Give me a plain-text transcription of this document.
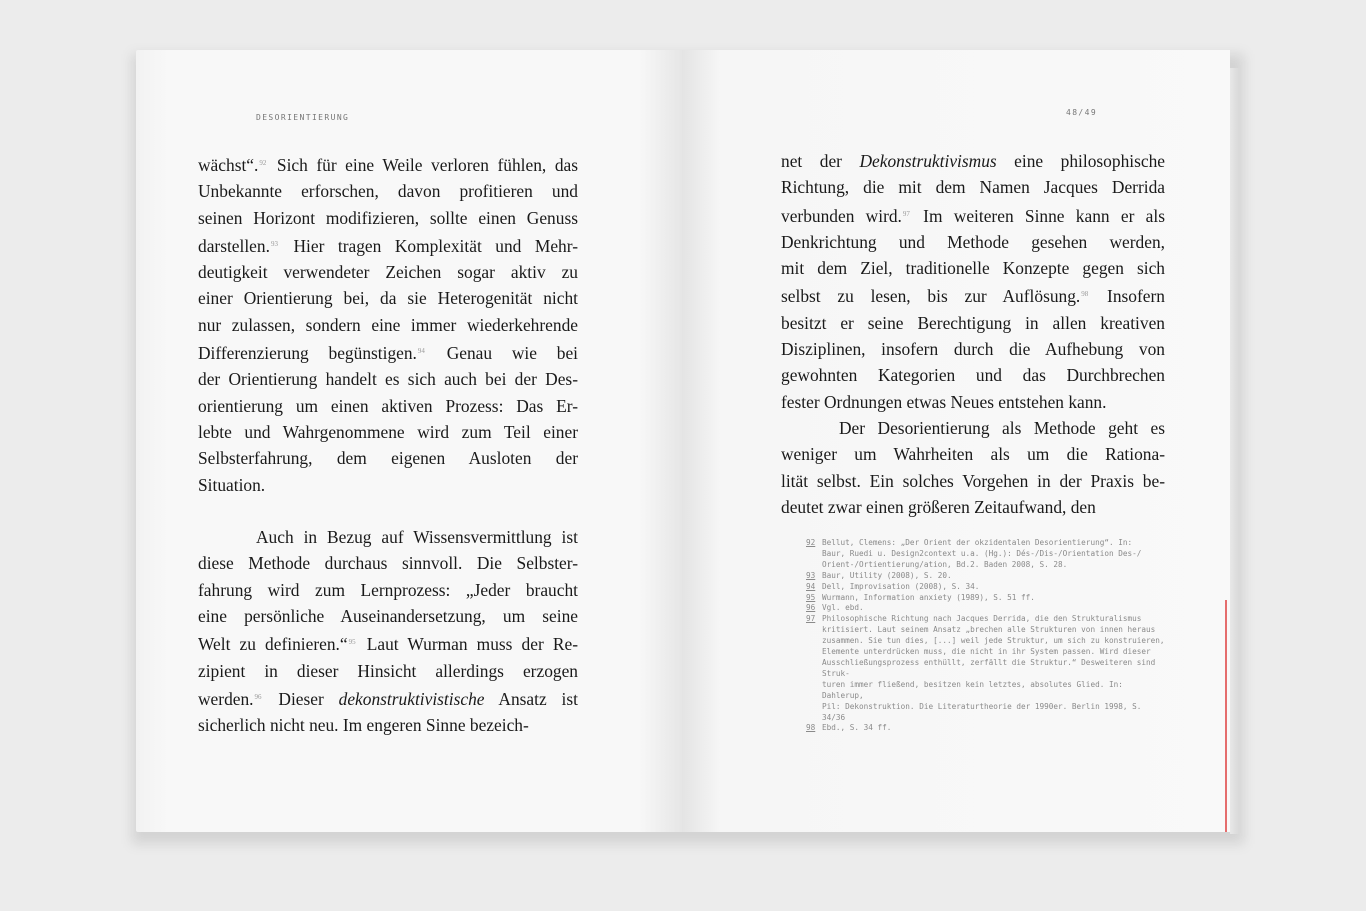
DESORIENTIERUNG
48/49
wächst“.$^{92}$ Sich für eine Weile verloren fühlen, das
Unbekannte erforschen, davon profitieren und
seinen Horizont modifizieren, sollte einen Genuss
darstellen.$^{93}$ Hier tragen Komplexität und Mehr-
deutigkeit verwendeter Zeichen sogar aktiv zu
einer Orientierung bei, da sie Heterogenität nicht
nur zulassen, sondern eine immer wiederkehrende
Differenzierung begünstigen.$^{94}$ Genau wie bei
der Orientierung handelt es sich auch bei der Des-
orientierung um einen aktiven Prozess: Das Er-
lebte und Wahrgenommene wird zum Teil einer
Selbsterfahrung, dem eigenen Ausloten der
Situation.

Auch in Bezug auf Wissensvermittlung ist
diese Methode durchaus sinnvoll. Die Selbster-
fahrung wird zum Lernprozess: „Jeder braucht
eine persönliche Auseinandersetzung, um seine
Welt zu definieren.“$^{95}$ Laut Wurman muss der Re-
zipient in dieser Hinsicht allerdings erzogen
werden.$^{96}$ Dieser dekonstruktivistische Ansatz ist
sicherlich nicht neu. Im engeren Sinne bezeich-
net der Dekonstruktivismus eine philosophische
Richtung, die mit dem Namen Jacques Derrida
verbunden wird.$^{97}$ Im weiteren Sinne kann er als
Denkrichtung und Methode gesehen werden,
mit dem Ziel, traditionelle Konzepte gegen sich
selbst zu lesen, bis zur Auflösung.$^{98}$ Insofern
besitzt er seine Berechtigung in allen kreativen
Disziplinen, insofern durch die Aufhebung von
gewohnten Kategorien und das Durchbrechen
fester Ordnungen etwas Neues entstehen kann.
Der Desorientierung als Methode geht es
weniger um Wahrheiten als um die Rationa-
lität selbst. Ein solches Vorgehen in der Praxis be-
deutet zwar einen größeren Zeitaufwand, den
92 Bellut, Clemens: „Der Orient der okzidentalen Desorientierung“. In:
Baur, Ruedi u. Design2context u.a. (Hg.): Dés-/Dis-/Orientation Des-/
Orient-/Ortientierung/ation, Bd.2. Baden 2008, S. 28.
93 Baur, Utility (2008), S. 20.
94 Dell, Improvisation (2008), S. 34.
95 Wurmann, Information anxiety (1989), S. 51 ff.
96 Vgl. ebd.
97 Philosophische Richtung nach Jacques Derrida, die den Strukturalismus
kritisiert. Laut seinem Ansatz „brechen alle Strukturen von innen heraus
zusammen. Sie tun dies, [...] weil jede Struktur, um sich zu konstruieren,
Elemente unterdrücken muss, die nicht in ihr System passen. Wird dieser
Ausschließungsprozess enthüllt, zerfällt die Struktur.“ Desweiteren sind Struk-
turen immer fließend, besitzen kein letztes, absolutes Glied. In: Dahlerup,
Pil: Dekonstruktion. Die Literaturtheorie der 1990er. Berlin 1998, S. 34/36
98 Ebd., S. 34 ff.
